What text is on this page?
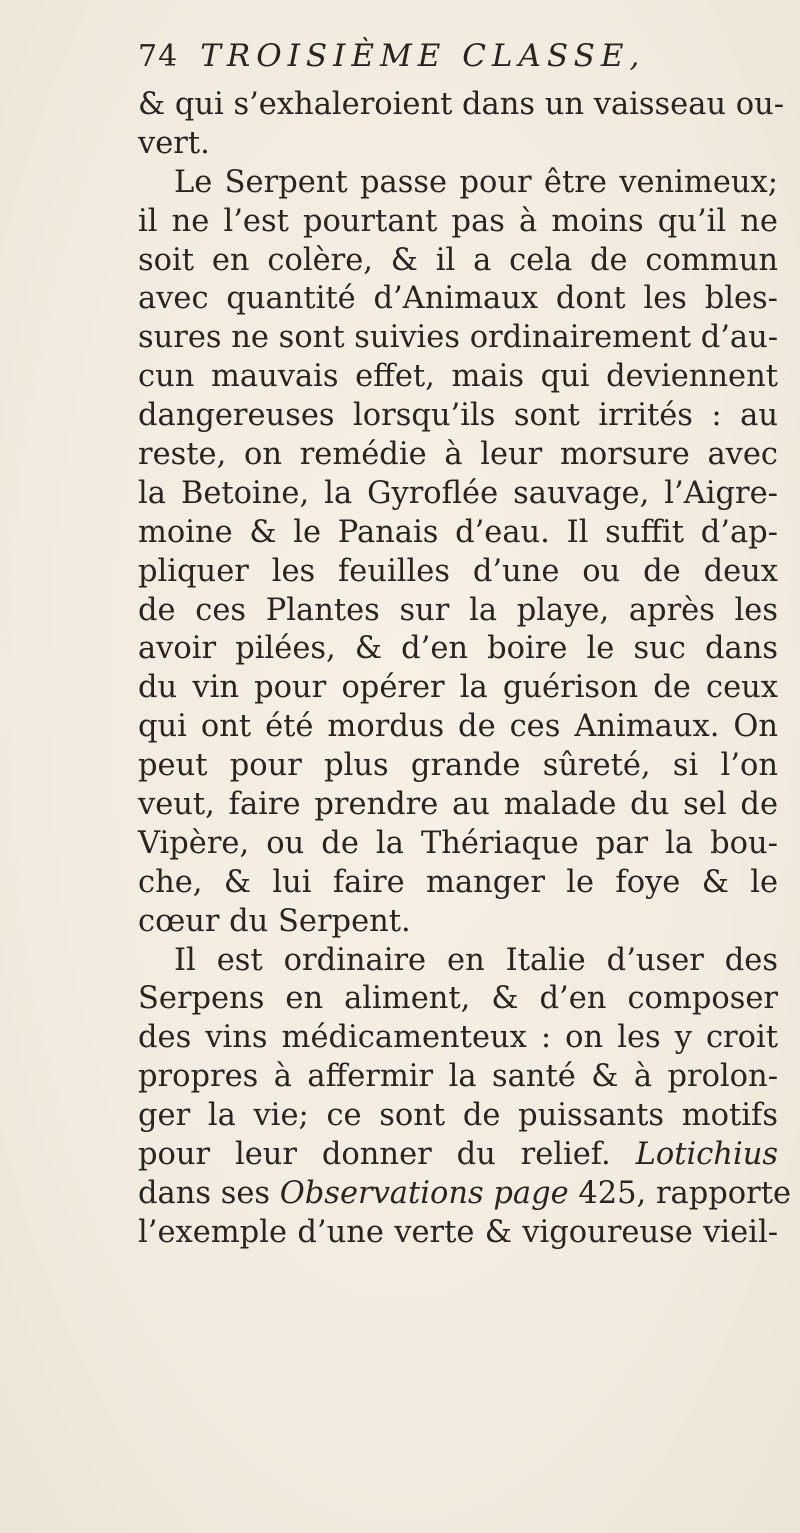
74 TROISIÈME CLASSE,
& qui s’exhaleroient dans un vaisseau ou-
vert.
Le Serpent passe pour être venimeux;
il ne l’est pourtant pas à moins qu’il ne
soit en colère, & il a cela de commun
avec quantité d’Animaux dont les bles-
sures ne sont suivies ordinairement d’au-
cun mauvais effet, mais qui deviennent
dangereuses lorsqu’ils sont irrités : au
reste, on remédie à leur morsure avec
la Betoine, la Gyroflée sauvage, l’Aigre-
moine & le Panais d’eau. Il suffit d’ap-
pliquer les feuilles d’une ou de deux
de ces Plantes sur la playe, après les
avoir pilées, & d’en boire le suc dans
du vin pour opérer la guérison de ceux
qui ont été mordus de ces Animaux. On
peut pour plus grande sûreté, si l’on
veut, faire prendre au malade du sel de
Vipère, ou de la Thériaque par la bou-
che, & lui faire manger le foye & le
cœur du Serpent.
Il est ordinaire en Italie d’user des
Serpens en aliment, & d’en composer
des vins médicamenteux : on les y croit
propres à affermir la santé & à prolon-
ger la vie; ce sont de puissants motifs
pour leur donner du relief. Lotichius
dans ses Observations page 425, rapporte
l’exemple d’une verte & vigoureuse vieil-
